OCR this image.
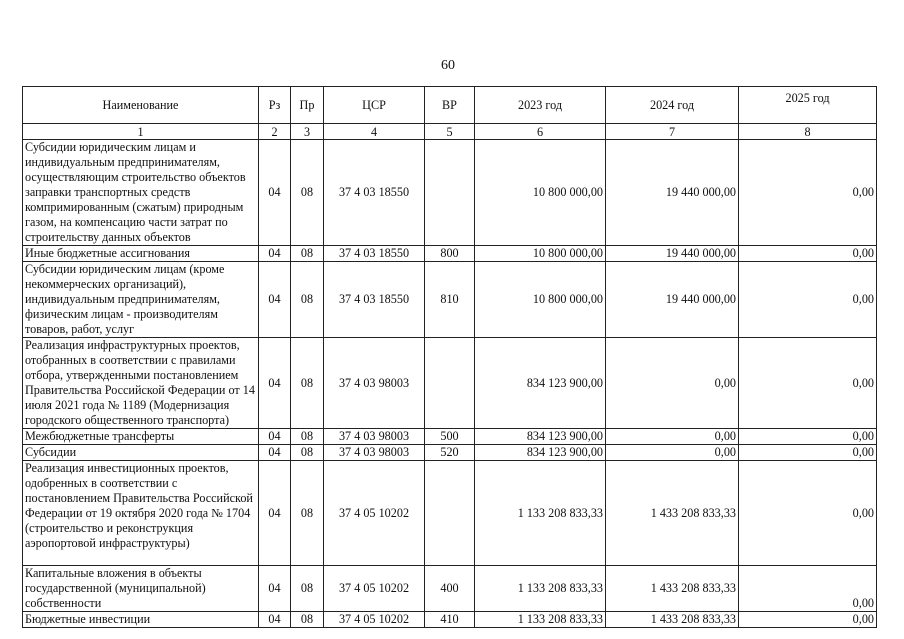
60
Наименование	Рз	Пр	ЦСР	ВР	2023 год	2024 год	2025 год
1	2	3	4	5	6	7	8
Субсидии юридическим лицам и индивидуальным предпринимателям, осуществляющим строительство объектов заправки транспортных средств компримированным (сжатым) природным газом, на компенсацию части затрат по строительству данных объектов	04	08	37 4 03 18550		10 800 000,00	19 440 000,00	0,00
Иные бюджетные ассигнования	04	08	37 4 03 18550	800	10 800 000,00	19 440 000,00	0,00
Субсидии юридическим лицам (кроме некоммерческих организаций), индивидуальным предпринимателям, физическим лицам - производителям товаров, работ, услуг	04	08	37 4 03 18550	810	10 800 000,00	19 440 000,00	0,00
Реализация инфраструктурных проектов, отобранных в соответствии с правилами отбора, утвержденными постановлением Правительства Российской Федерации от 14 июля 2021 года № 1189 (Модернизация городского общественного транспорта)	04	08	37 4 03 98003		834 123 900,00	0,00	0,00
Межбюджетные трансферты	04	08	37 4 03 98003	500	834 123 900,00	0,00	0,00
Субсидии	04	08	37 4 03 98003	520	834 123 900,00	0,00	0,00
Реализация инвестиционных проектов, одобренных в соответствии с постановлением Правительства Российской Федерации от 19 октября 2020 года № 1704 (строительство и реконструкция аэропортовой инфраструктуры)	04	08	37 4 05 10202		1 133 208 833,33	1 433 208 833,33	0,00
Капитальные вложения в объекты государственной (муниципальной) собственности	04	08	37 4 05 10202	400	1 133 208 833,33	1 433 208 833,33	0,00
Бюджетные инвестиции	04	08	37 4 05 10202	410	1 133 208 833,33	1 433 208 833,33	0,00
